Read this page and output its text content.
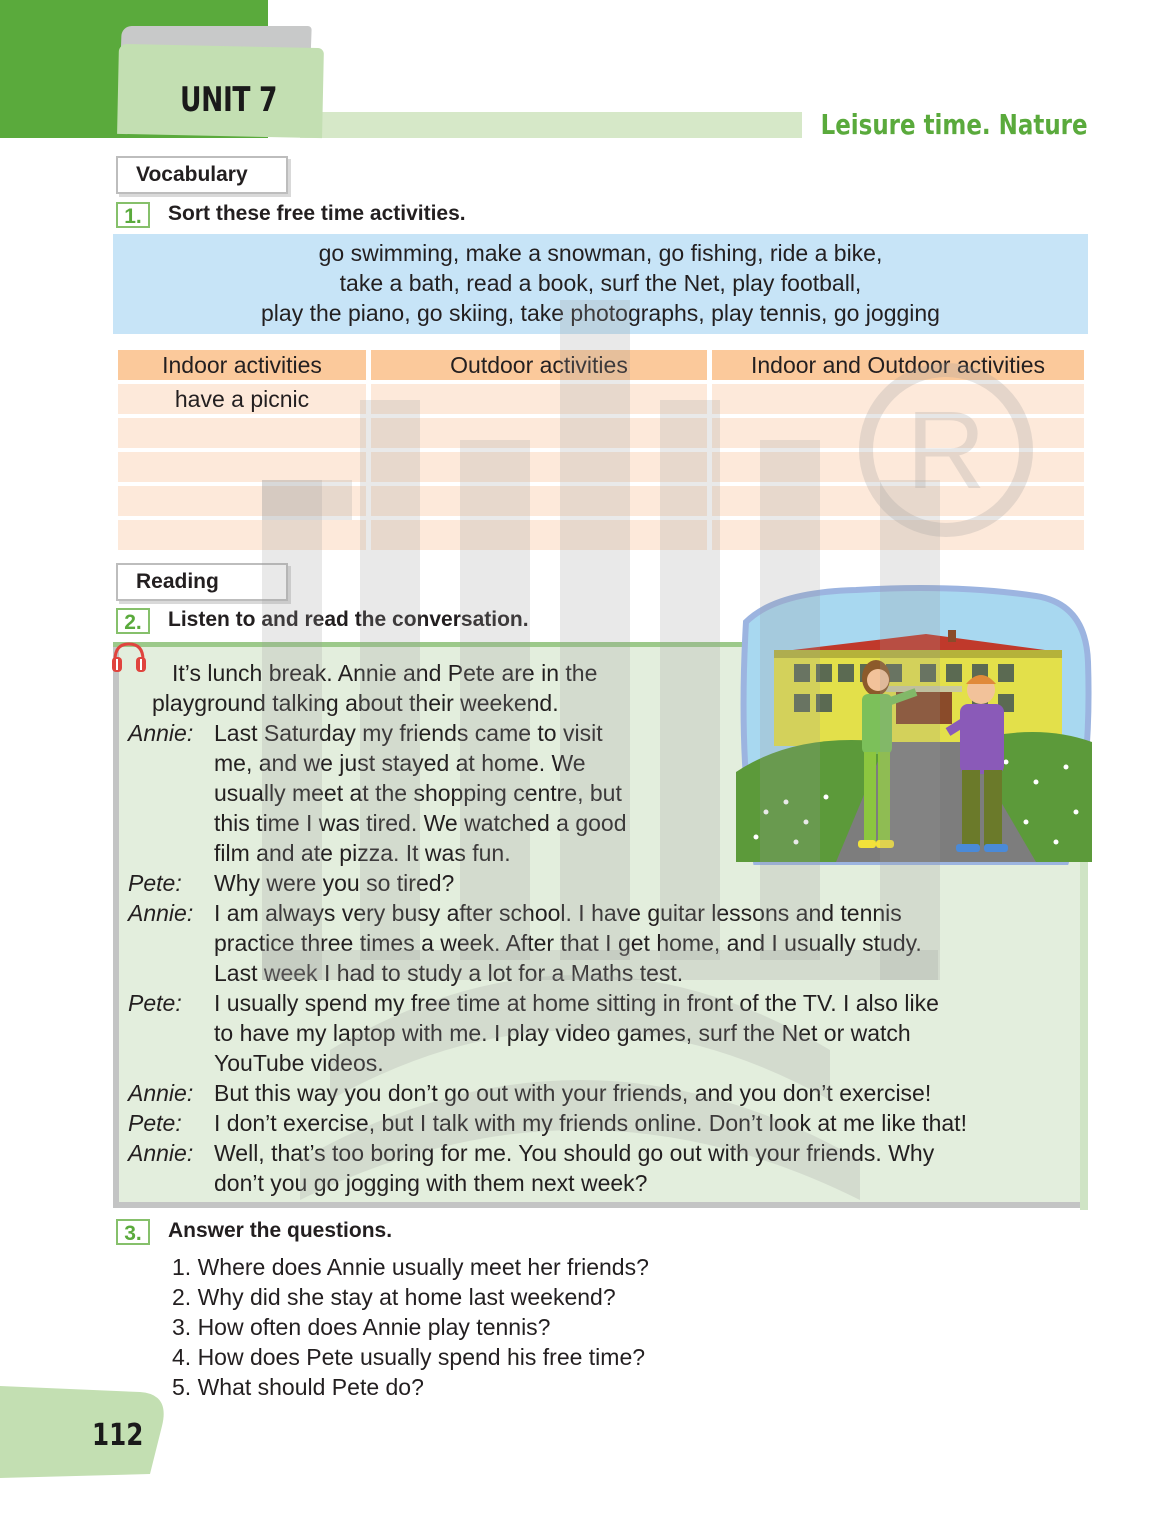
UNIT 7
Leisure time. Nature
Vocabulary
1.	Sort these free time activities.
go swimming, make a snowman, go fishing, ride a bike,
take a bath, read a book, surf the Net, play football,
play the piano, go skiing, take photographs, play tennis, go jogging
Indoor activities	Outdoor activities	Indoor and Outdoor activities
have a picnic
Reading
2.	Listen to and read the conversation.
It’s lunch break. Annie and Pete are in the
playground talking about their weekend.
Annie: Last Saturday my friends came to visit
me, and we just stayed at home. We
usually meet at the shopping centre, but
this time I was tired. We watched a good
film and ate pizza. It was fun.
Pete: Why were you so tired?
Annie: I am always very busy after school. I have guitar lessons and tennis
practice three times a week. After that I get home, and I usually study.
Last week I had to study a lot for a Maths test.
Pete: I usually spend my free time at home sitting in front of the TV. I also like
to have my laptop with me. I play video games, surf the Net or watch
YouTube videos.
Annie: But this way you don’t go out with your friends, and you don’t exercise!
Pete: I don’t exercise, but I talk with my friends online. Don’t look at me like that!
Annie: Well, that’s too boring for me. You should go out with your friends. Why
don’t you go jogging with them next week?
3.	Answer the questions.
1. Where does Annie usually meet her friends?
2. Why did she stay at home last weekend?
3. How often does Annie play tennis?
4. How does Pete usually spend his free time?
5. What should Pete do?
R
112
